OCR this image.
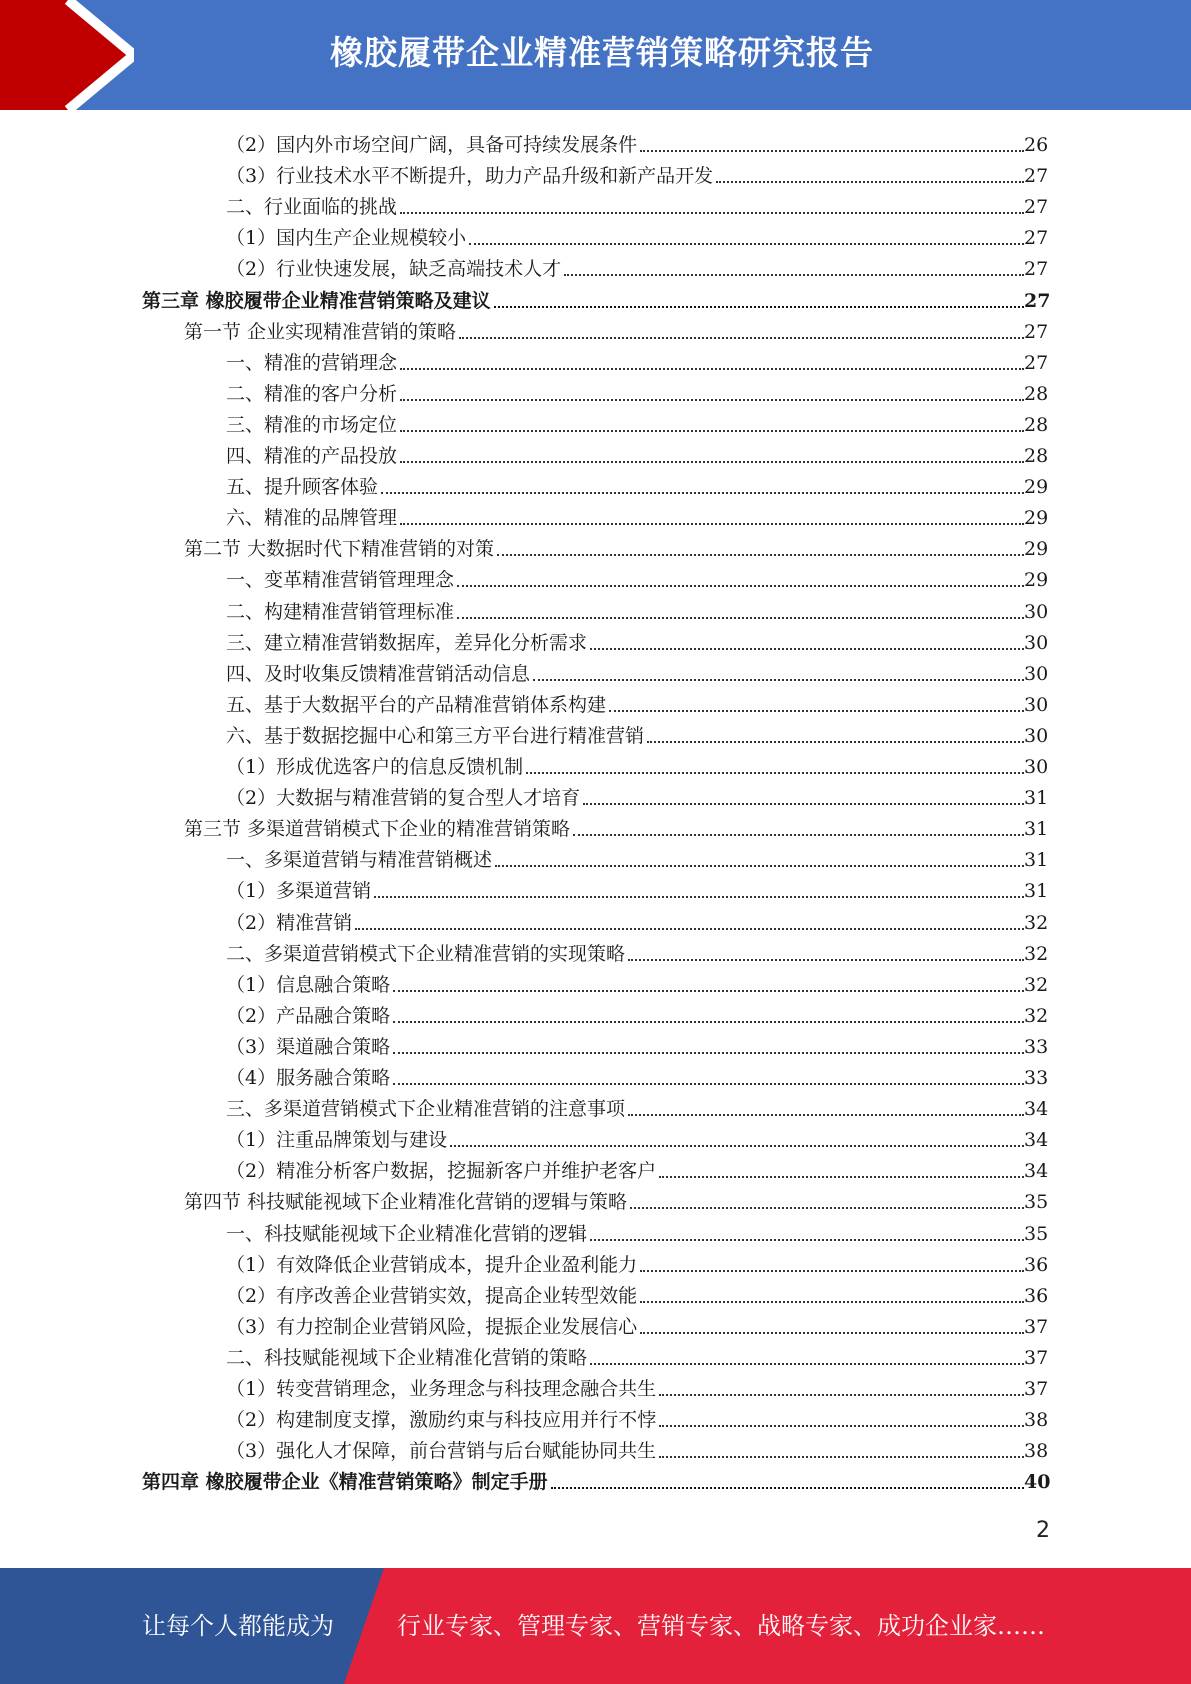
橡胶履带企业精准营销策略研究报告
（2）国内外市场空间广阔，具备可持续发展条件	26
（3）行业技术水平不断提升，助力产品升级和新产品开发	27
二、行业面临的挑战	27
（1）国内生产企业规模较小	27
（2）行业快速发展，缺乏高端技术人才	27
第三章 橡胶履带企业精准营销策略及建议	27
第一节 企业实现精准营销的策略	27
一、精准的营销理念	27
二、精准的客户分析	28
三、精准的市场定位	28
四、精准的产品投放	28
五、提升顾客体验	29
六、精准的品牌管理	29
第二节 大数据时代下精准营销的对策	29
一、变革精准营销管理理念	29
二、构建精准营销管理标准	30
三、建立精准营销数据库，差异化分析需求	30
四、及时收集反馈精准营销活动信息	30
五、基于大数据平台的产品精准营销体系构建	30
六、基于数据挖掘中心和第三方平台进行精准营销	30
（1）形成优选客户的信息反馈机制	30
（2）大数据与精准营销的复合型人才培育	31
第三节 多渠道营销模式下企业的精准营销策略	31
一、多渠道营销与精准营销概述	31
（1）多渠道营销	31
（2）精准营销	32
二、多渠道营销模式下企业精准营销的实现策略	32
（1）信息融合策略	32
（2）产品融合策略	32
（3）渠道融合策略	33
（4）服务融合策略	33
三、多渠道营销模式下企业精准营销的注意事项	34
（1）注重品牌策划与建设	34
（2）精准分析客户数据，挖掘新客户并维护老客户	34
第四节 科技赋能视域下企业精准化营销的逻辑与策略	35
一、科技赋能视域下企业精准化营销的逻辑	35
（1）有效降低企业营销成本，提升企业盈利能力	36
（2）有序改善企业营销实效，提高企业转型效能	36
（3）有力控制企业营销风险，提振企业发展信心	37
二、科技赋能视域下企业精准化营销的策略	37
（1）转变营销理念，业务理念与科技理念融合共生	37
（2）构建制度支撑，激励约束与科技应用并行不悖	38
（3）强化人才保障，前台营销与后台赋能协同共生	38
第四章 橡胶履带企业《精准营销策略》制定手册	40
2
让每个人都能成为	行业专家、管理专家、营销专家、战略专家、成功企业家……
